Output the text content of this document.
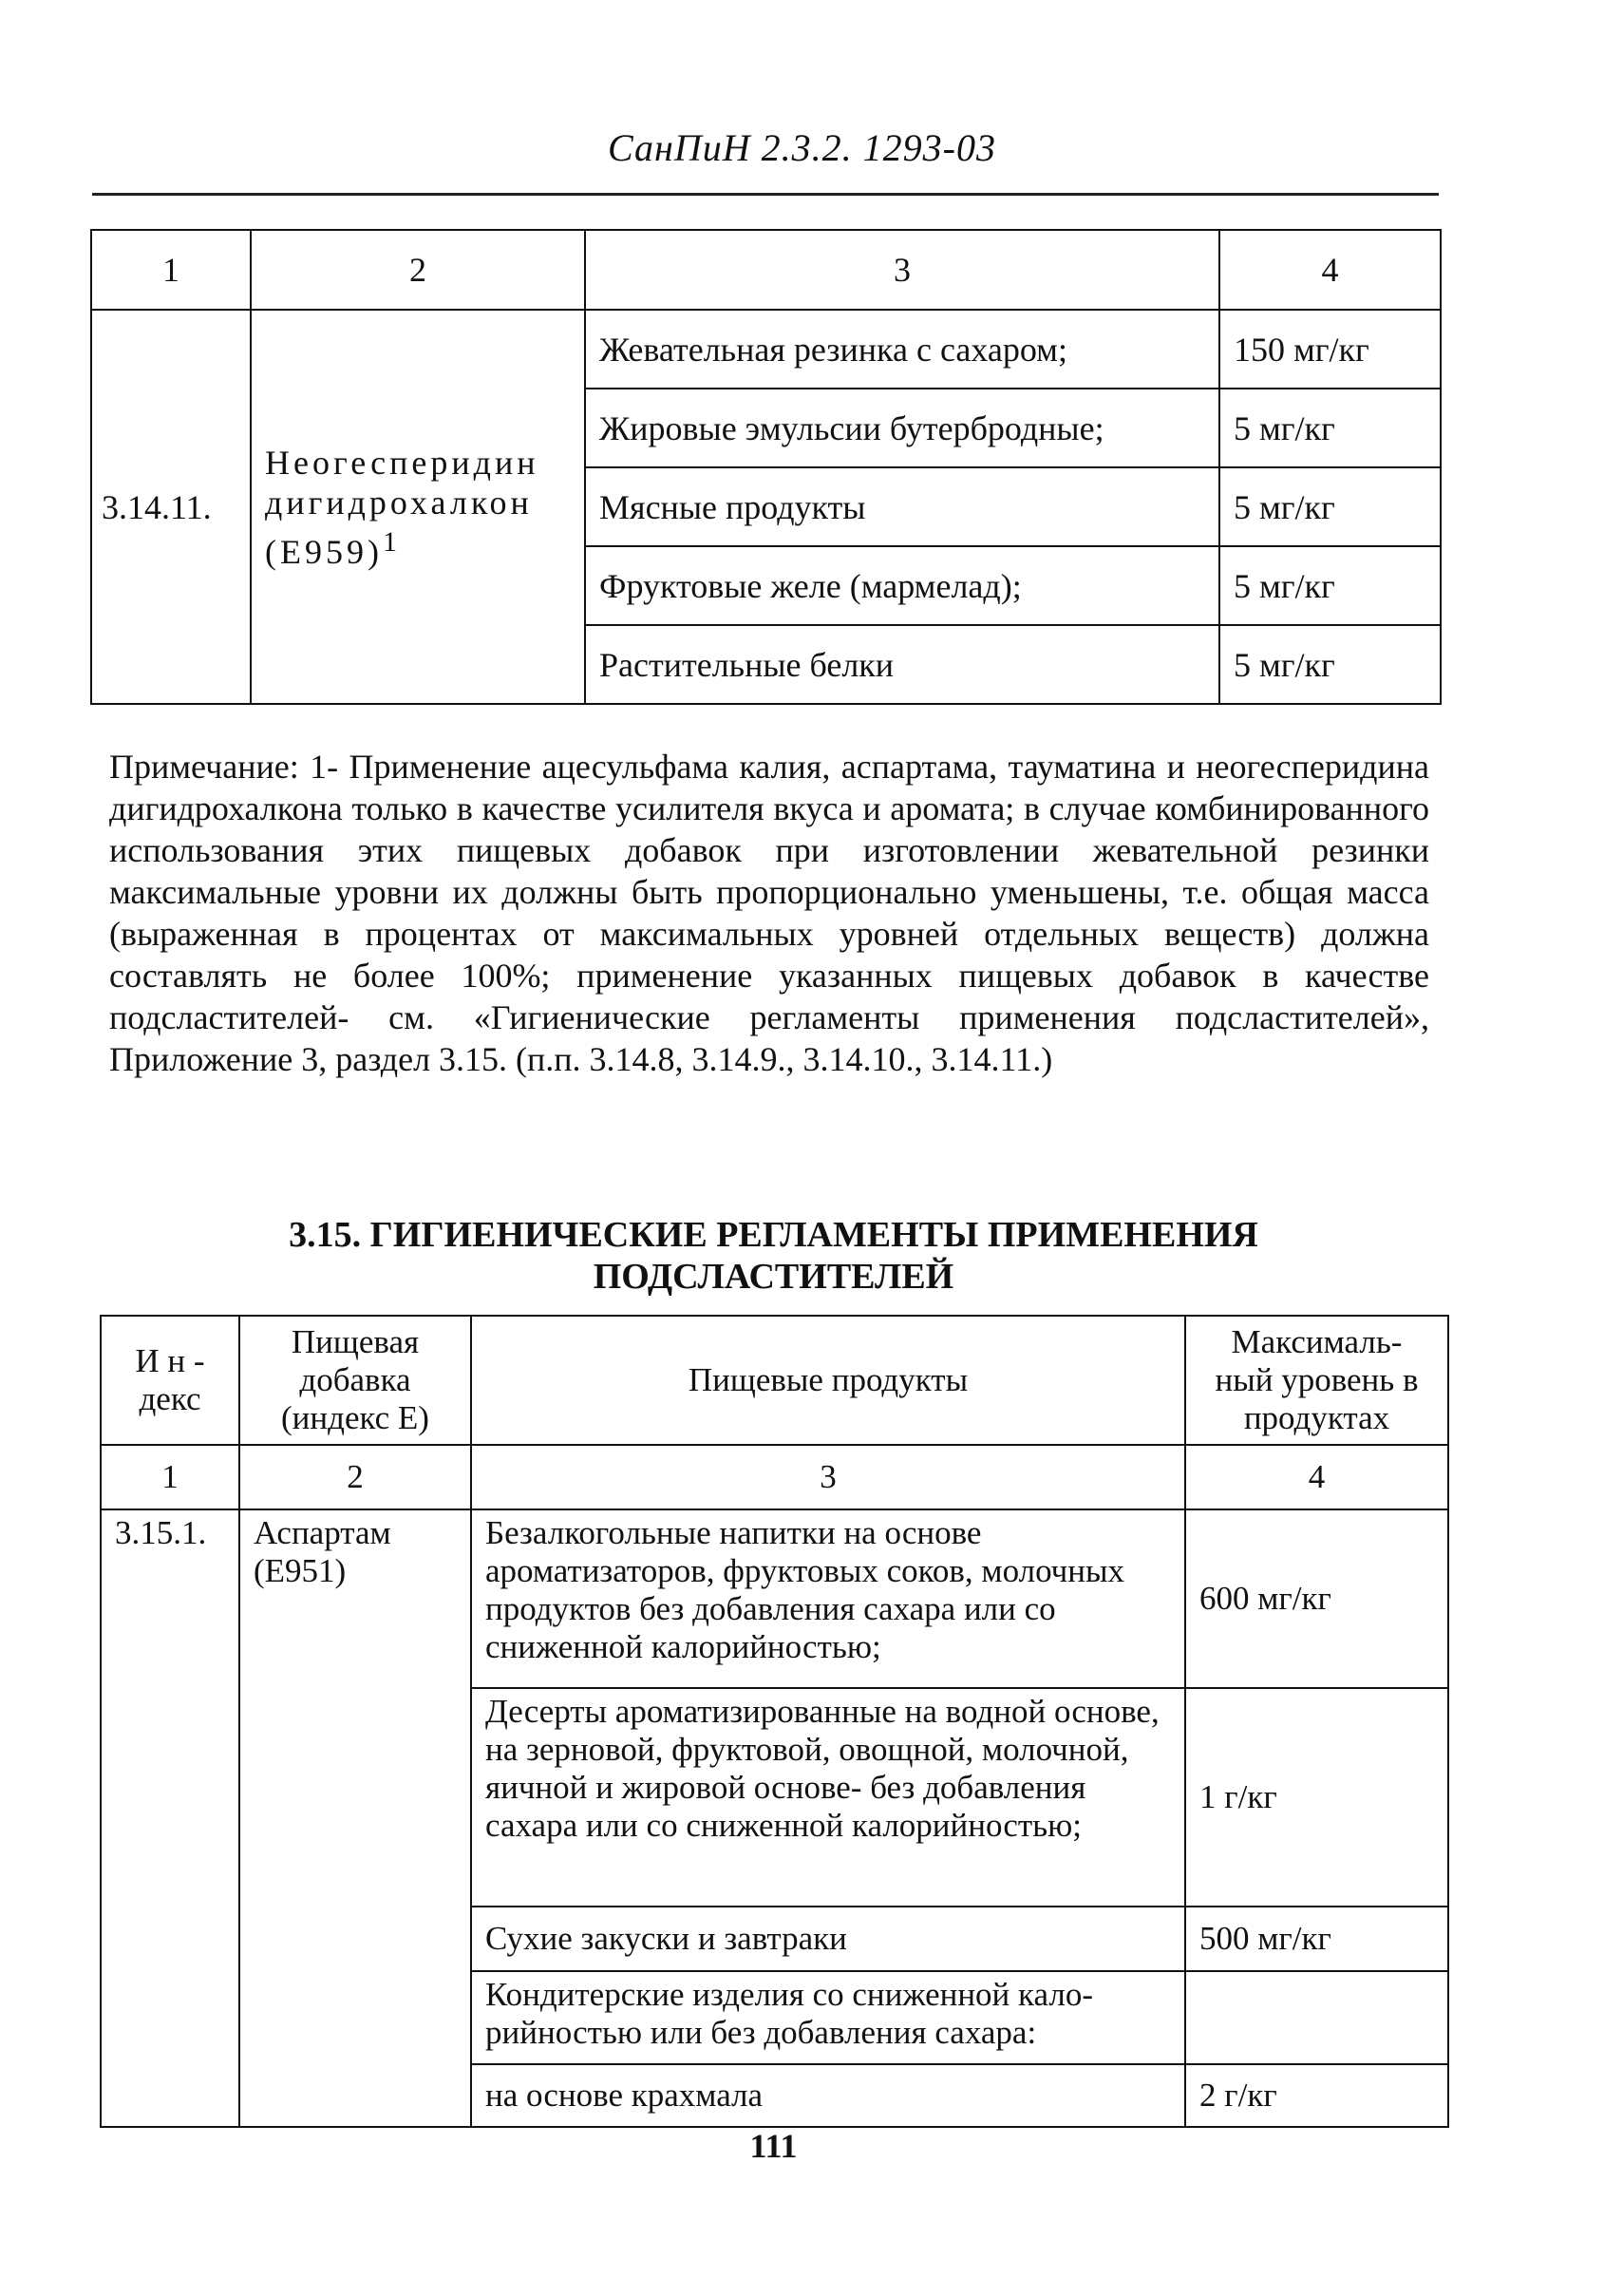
СанПиН 2.3.2. 1293-03
1	2	3	4
3.14.11.	Неогесперидин дигидрохалкон $(E959)^1$	Жевательная резинка с сахаром;	150 мг/кг
		Жировые эмульсии бутербродные;	5 мг/кг
		Мясные продукты	5 мг/кг
		Фруктовые желе (мармелад);	5 мг/кг
		Растительные белки	5 мг/кг
Примечание: 1- Применение ацесульфама калия, аспартама, тауматина и неогесперидина дигидрохалкона только в качестве усилителя вкуса и аромата; в случае комбинированного использования этих пищевых добавок при изготовлении жевательной резинки максимальные уровни их должны быть пропорционально уменьшены, т.е. общая масса (выраженная в процентах от максимальных уровней отдельных веществ) должна составлять не более 100%; применение указанных пищевых добавок в качестве подсластителей- см. «Гигиенические регламенты применения подсластителей», Приложение 3, раздел 3.15. (п.п. 3.14.8, 3.14.9., 3.14.10., 3.14.11.)
3.15. ГИГИЕНИЧЕСКИЕ РЕГЛАМЕНТЫ ПРИМЕНЕНИЯ
ПОДСЛАСТИТЕЛЕЙ
И н - декс	Пищевая добавка (индекс Е)	Пищевые продукты	Максималь- ный уровень в продуктах
1	2	3	4
3.15.1.	Аспартам (Е951)	Безалкогольные напитки на основе ароматизаторов, фруктовых соков, молочных продуктов без добавления сахара или со сниженной калорийностью;	600 мг/кг
		Десерты ароматизированные на водной основе, на зерновой, фруктовой, овощной, молочной, яичной и жировой основе- без добавления сахара или со сниженной калорийностью;	1 г/кг
		Сухие закуски и завтраки	500 мг/кг
		Кондитерские изделия со сниженной кало- рийностью или без добавления сахара:	
		на основе крахмала	2 г/кг
111
